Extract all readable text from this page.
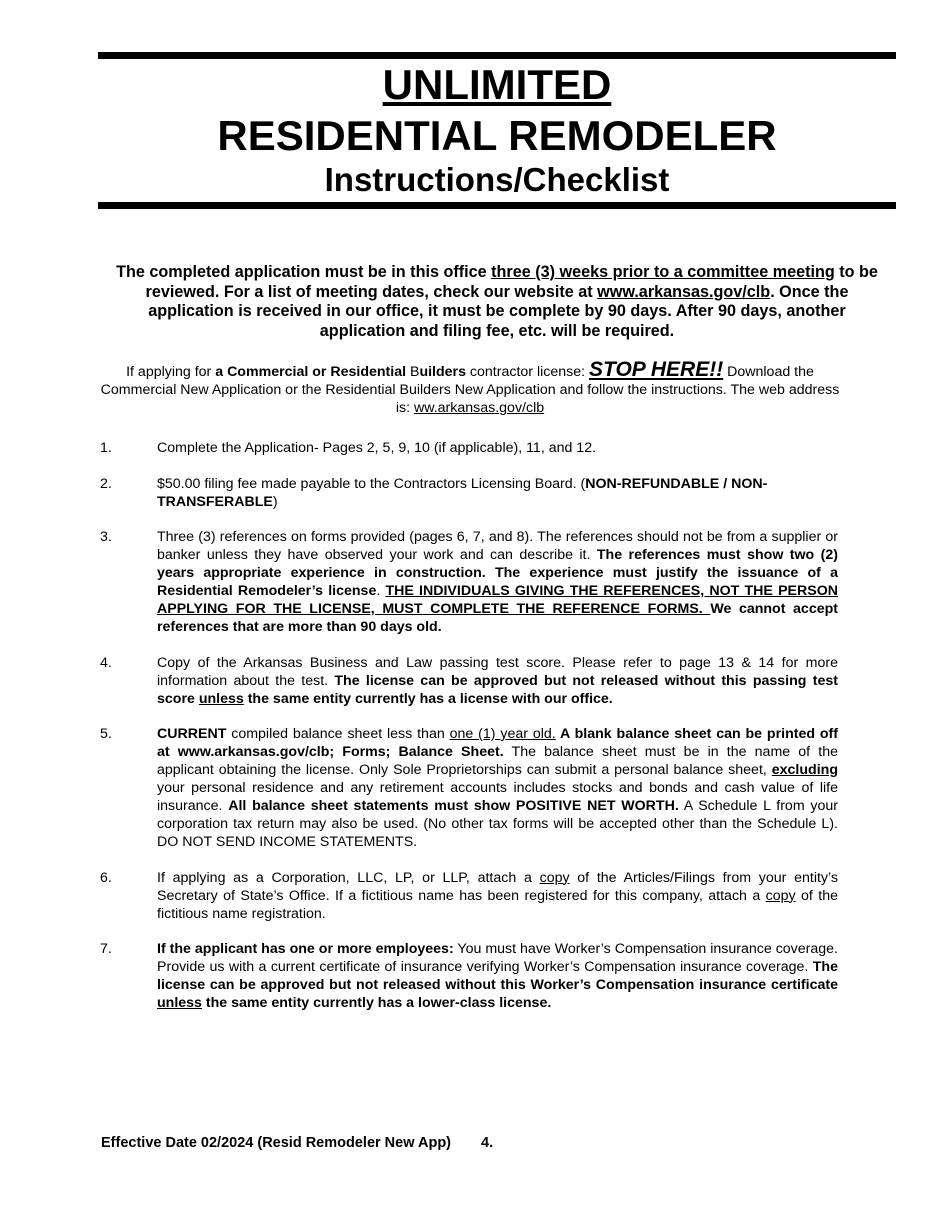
UNLIMITED
RESIDENTIAL REMODELER
Instructions/Checklist
The completed application must be in this office three (3) weeks prior to a committee meeting to be reviewed. For a list of meeting dates, check our website at www.arkansas.gov/clb. Once the application is received in our office, it must be complete by 90 days. After 90 days, another application and filing fee, etc. will be required.
If applying for a Commercial or Residential Builders contractor license: STOP HERE!! Download the Commercial New Application or the Residential Builders New Application and follow the instructions. The web address is: ww.arkansas.gov/clb
1.	Complete the Application- Pages 2, 5, 9, 10 (if applicable), 11, and 12.
2.	$50.00 filing fee made payable to the Contractors Licensing Board. (NON-REFUNDABLE / NON-TRANSFERABLE)
3.	Three (3) references on forms provided (pages 6, 7, and 8). The references should not be from a supplier or banker unless they have observed your work and can describe it. The references must show two (2) years appropriate experience in construction. The experience must justify the issuance of a Residential Remodeler’s license. THE INDIVIDUALS GIVING THE REFERENCES, NOT THE PERSON APPLYING FOR THE LICENSE, MUST COMPLETE THE REFERENCE FORMS. We cannot accept references that are more than 90 days old.
4.	Copy of the Arkansas Business and Law passing test score. Please refer to page 13 & 14 for more information about the test. The license can be approved but not released without this passing test score unless the same entity currently has a license with our office.
5.	CURRENT compiled balance sheet less than one (1) year old. A blank balance sheet can be printed off at www.arkansas.gov/clb; Forms; Balance Sheet. The balance sheet must be in the name of the applicant obtaining the license. Only Sole Proprietorships can submit a personal balance sheet, excluding your personal residence and any retirement accounts includes stocks and bonds and cash value of life insurance. All balance sheet statements must show POSITIVE NET WORTH. A Schedule L from your corporation tax return may also be used. (No other tax forms will be accepted other than the Schedule L). DO NOT SEND INCOME STATEMENTS.
6.	If applying as a Corporation, LLC, LP, or LLP, attach a copy of the Articles/Filings from your entity’s Secretary of State’s Office. If a fictitious name has been registered for this company, attach a copy of the fictitious name registration.
7.	If the applicant has one or more employees: You must have Worker’s Compensation insurance coverage. Provide us with a current certificate of insurance verifying Worker’s Compensation insurance coverage. The license can be approved but not released without this Worker’s Compensation insurance certificate unless the same entity currently has a lower-class license.
Effective Date 02/2024 (Resid Remodeler New App) 4.
